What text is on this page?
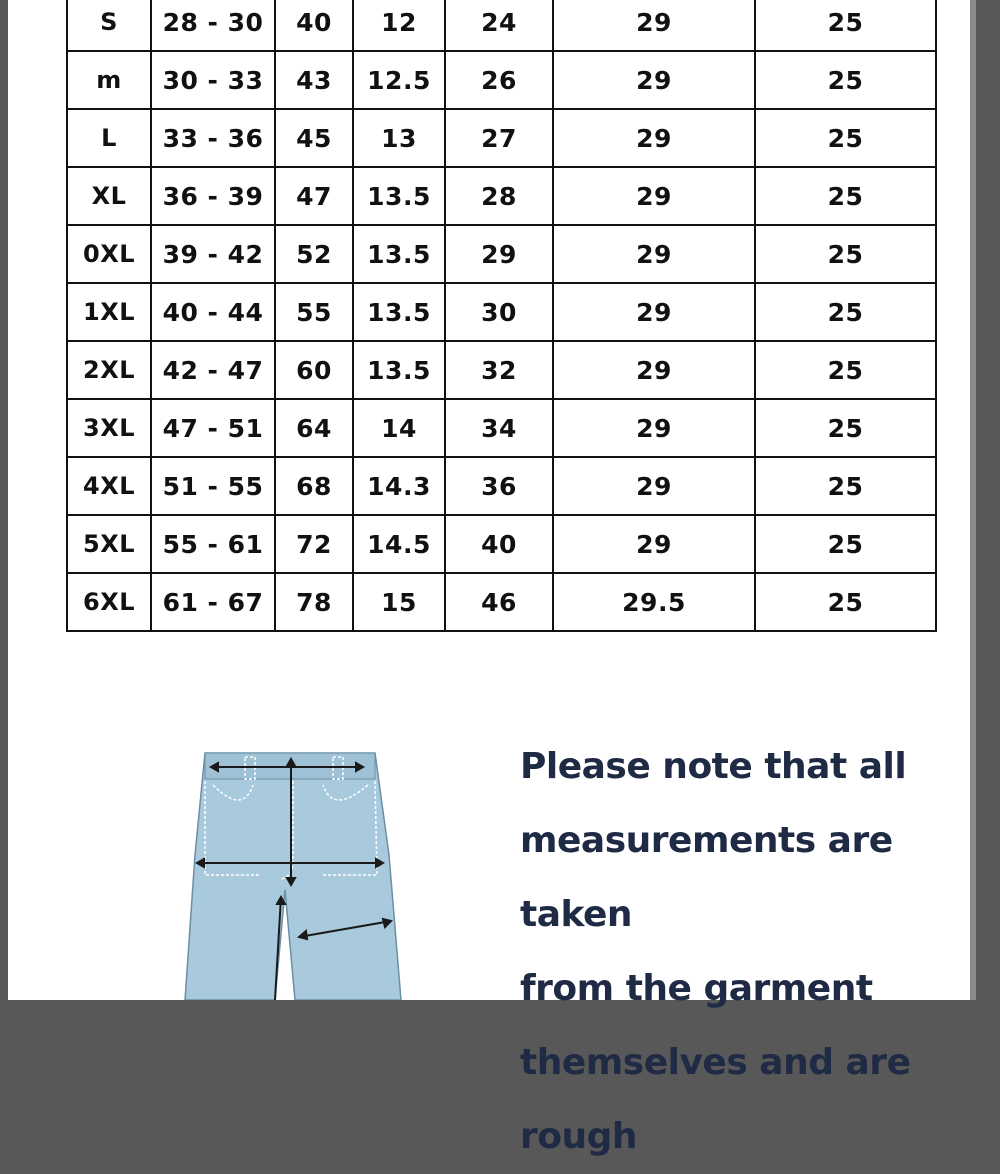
S	28 - 30	40	12	24	29	25
m	30 - 33	43	12.5	26	29	25
L	33 - 36	45	13	27	29	25
XL	36 - 39	47	13.5	28	29	25
0XL	39 - 42	52	13.5	29	29	25
1XL	40 - 44	55	13.5	30	29	25
2XL	42 - 47	60	13.5	32	29	25
3XL	47 - 51	64	14	34	29	25
4XL	51 - 55	68	14.3	36	29	25
5XL	55 - 61	72	14.5	40	29	25
6XL	61 - 67	78	15	46	29.5	25

Please note that all
measurements are taken
from the garment
themselves and are rough
